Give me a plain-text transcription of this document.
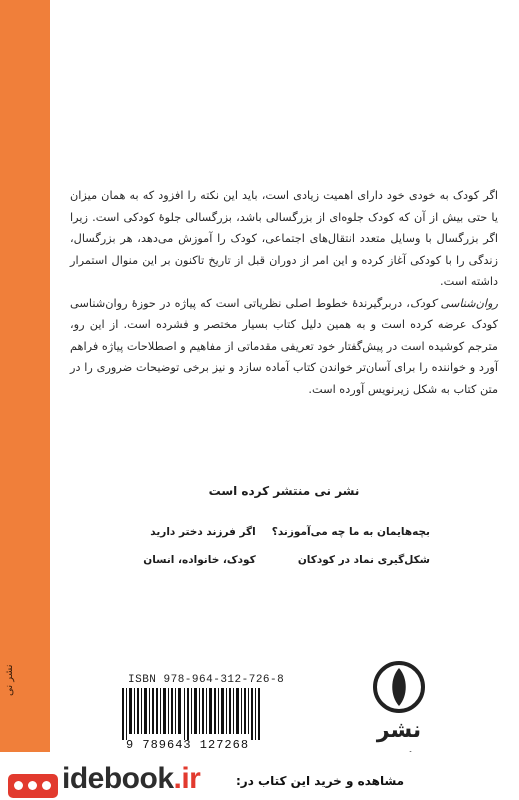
نشر نی

اگر کودک به خودی خود دارای اهمیت زیادی است، باید این نکته را افزود که به همان میزان یا حتی بیش از آن که کودک جلوه‌ای از بزرگسالی باشد، بزرگسالی جلوهٔ کودکی است. زیرا اگر بزرگسال با وسایل متعدد انتقال‌های اجتماعی، کودک را آموزش می‌دهد، هر بزرگسال، زندگی را با کودکی آغاز کرده و این امر از دوران قبل از تاریخ تاکنون بر این منوال استمرار داشته است.

روان‌شناسی کودک، دربرگیرندهٔ خطوط اصلی نظریاتی است که پیاژه در حوزهٔ روان‌شناسی کودک عرضه کرده است و به همین دلیل کتاب بسیار مختصر و فشرده است. از این رو، مترجم کوشیده است در پیش‌گفتار خود تعریفی مقدماتی از مفاهیم و اصطلاحات پیاژه فراهم آورد و خواننده را برای آسان‌تر خواندن کتاب آماده سازد و نیز برخی توضیحات ضروری را در متن کتاب به شکل زیرنویس آورده است.

نشر نی منتشر کرده است
بچه‌هایمان به ما چه می‌آموزند؟
اگر فرزند دختر دارید
شکل‌گیری نماد در کودکان
کودک، خانواده، انسان
ISBN 978-964-312-726-8
9 789643 127268
نشر
idebook.ir	مشاهده و خرید این کتاب در:
